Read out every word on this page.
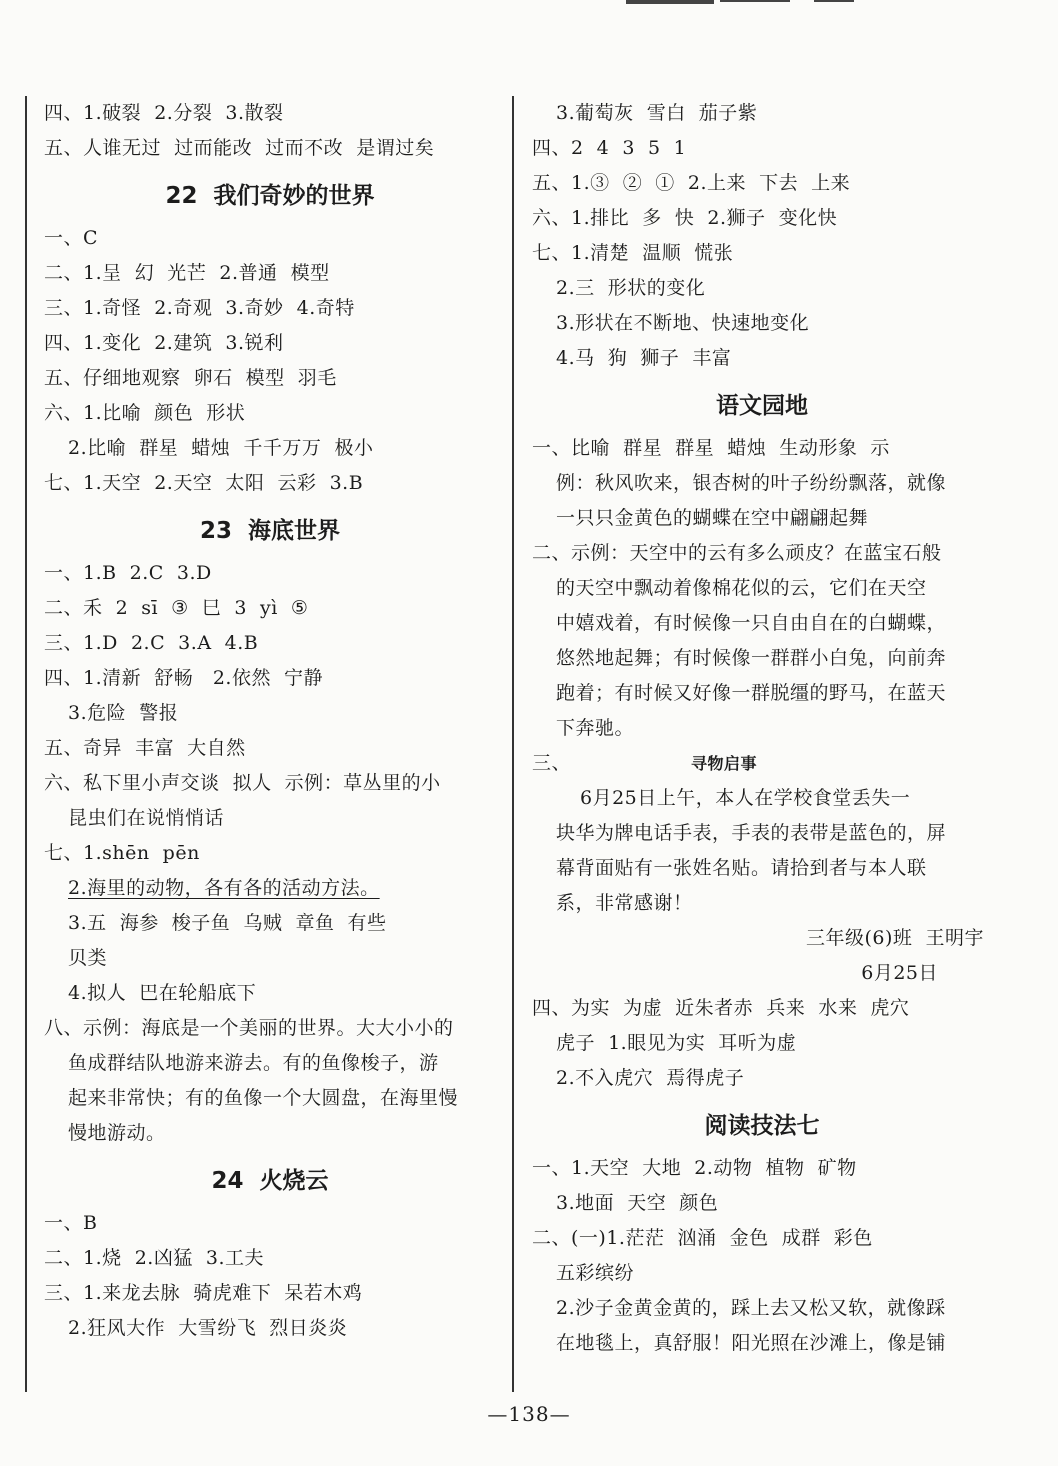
四、1.破裂  2.分裂  3.散裂
五、人谁无过  过而能改  过而不改  是谓过矣
22  我们奇妙的世界
一、C
二、1.呈  幻  光芒  2.普通  模型
三、1.奇怪  2.奇观  3.奇妙  4.奇特
四、1.变化  2.建筑  3.锐利
五、仔细地观察  卵石  模型  羽毛
六、1.比喻  颜色  形状
2.比喻  群星  蜡烛  千千万万  极小
七、1.天空  2.天空  太阳  云彩  3.B
23  海底世界
一、1.B  2.C  3.D
二、禾  2  sī  ③  巳  3  yì  ⑤
三、1.D  2.C  3.A  4.B
四、1.清新  舒畅   2.依然  宁静
3.危险  警报
五、奇异  丰富  大自然
六、私下里小声交谈  拟人  示例：草丛里的小
昆虫们在说悄悄话
七、1.shēn  pēn
2.海里的动物，各有各的活动方法。
3.五  海参  梭子鱼  乌贼  章鱼  有些
贝类
4.拟人  巴在轮船底下
八、示例：海底是一个美丽的世界。大大小小的
鱼成群结队地游来游去。有的鱼像梭子，游
起来非常快；有的鱼像一个大圆盘，在海里慢
慢地游动。
24  火烧云
一、B
二、1.烧  2.凶猛  3.工夫
三、1.来龙去脉  骑虎难下  呆若木鸡
2.狂风大作  大雪纷飞  烈日炎炎
3.葡萄灰  雪白  茄子紫
四、2  4  3  5  1
五、1.③  ②  ①  2.上来  下去  上来
六、1.排比  多  快  2.狮子  变化快
七、1.清楚  温顺  慌张
2.三  形状的变化
3.形状在不断地、快速地变化
4.马  狗  狮子  丰富
语文园地
一、比喻  群星  群星  蜡烛  生动形象  示
例：秋风吹来，银杏树的叶子纷纷飘落，就像
一只只金黄色的蝴蝶在空中翩翩起舞
二、示例：天空中的云有多么顽皮？在蓝宝石般
的天空中飘动着像棉花似的云，它们在天空
中嬉戏着，有时候像一只自由自在的白蝴蝶，
悠然地起舞；有时候像一群群小白兔，向前奔
跑着；有时候又好像一群脱缰的野马，在蓝天
下奔驰。
三、	寻物启事
6月25日上午，本人在学校食堂丢失一
块华为牌电话手表，手表的表带是蓝色的，屏
幕背面贴有一张姓名贴。请拾到者与本人联
系，非常感谢！
三年级(6)班  王明宇
6月25日
四、为实  为虚  近朱者赤  兵来  水来  虎穴
虎子  1.眼见为实  耳听为虚
2.不入虎穴  焉得虎子
阅读技法七
一、1.天空  大地  2.动物  植物  矿物
3.地面  天空  颜色
二、(一)1.茫茫  汹涌  金色  成群  彩色
五彩缤纷
2.沙子金黄金黄的，踩上去又松又软，就像踩
在地毯上，真舒服！阳光照在沙滩上，像是铺
—138—
